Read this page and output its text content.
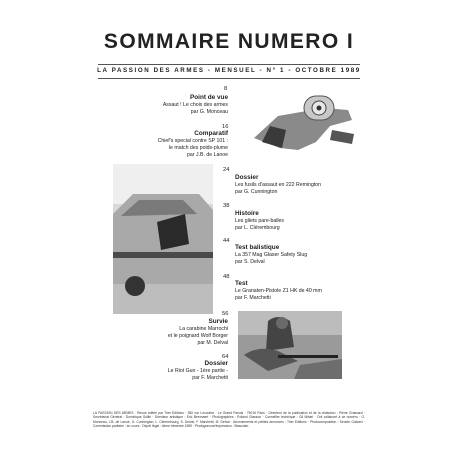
SOMMAIRE NUMERO I
LA PASSION DES ARMES - MENSUEL - N° 1 - OCTOBRE 1989
8
Point de vue
Assaut ! Le choix des armes
par G. Monceau
16
Comparatif
Chief's special contre SP 101 :
le match des poids-plume
par J.B. de Lanoe
24
Dossier
Les fusils d'assaut en 222 Remington
par G. Cunnington
38
Histoire
Les gilets pare-balles
par L. Clérembourg
44
Test balistique
La 357 Mag Glaser Safety Slug
par S. Delval
48
Test
Le Granaten-Pistole Z1 HK de 40 mm
par F. Marchetti
56
Survie
La carabine Marrochi
et le poignard Wolf Borger
par M. Delval
64
Dossier
Le Riot Gun - 1ère partie -
par F. Marchetti
LA PASSION DES ARMES · Revue éditée par Trier Editions · 350 rue Lecourbe · Le Grand Pavois · 75015 Paris · Directeur de la publication et de la rédaction : Pierre Grassard · Secrétariat Général : Dominique Sollie · Directeur artistique : Eric Beernaert · Photographies : Roland Glasson · Conseiller technique : Gil Mistel · Ont collaboré à ce numéro : G. Monceau, J.B. de Lanoe, G. Cunnington, L. Clérembourg, S. Delval, F. Marchetti, M. Delval · Abonnements et petites annonces : Trier Editions · Photocomposition : Sender Galvani · Commission paritaire : en cours · Dépôt légal : 4ème trimestre 1989 · Photogravure/Impression : Beauclair.
